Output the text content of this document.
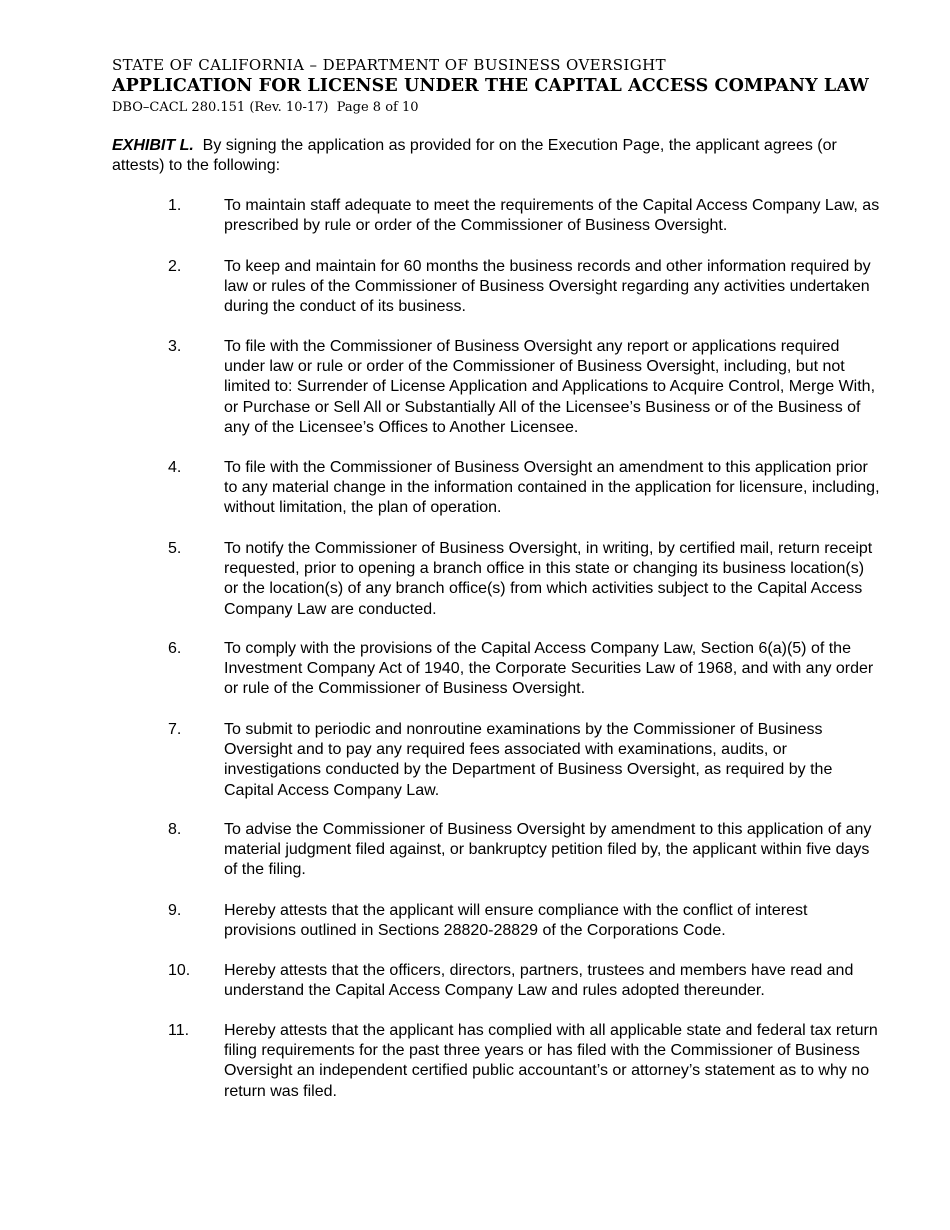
STATE OF CALIFORNIA – DEPARTMENT OF BUSINESS OVERSIGHT
APPLICATION FOR LICENSE UNDER THE CAPITAL ACCESS COMPANY LAW
DBO–CACL 280.151 (Rev. 10-17) Page 8 of 10
EXHIBIT L. By signing the application as provided for on the Execution Page, the applicant agrees (or attests) to the following:
1.	To maintain staff adequate to meet the requirements of the Capital Access Company Law, as prescribed by rule or order of the Commissioner of Business Oversight.
2.	To keep and maintain for 60 months the business records and other information required by law or rules of the Commissioner of Business Oversight regarding any activities undertaken during the conduct of its business.
3.	To file with the Commissioner of Business Oversight any report or applications required under law or rule or order of the Commissioner of Business Oversight, including, but not limited to: Surrender of License Application and Applications to Acquire Control, Merge With, or Purchase or Sell All or Substantially All of the Licensee’s Business or of the Business of any of the Licensee’s Offices to Another Licensee.
4.	To file with the Commissioner of Business Oversight an amendment to this application prior to any material change in the information contained in the application for licensure, including, without limitation, the plan of operation.
5.	To notify the Commissioner of Business Oversight, in writing, by certified mail, return receipt requested, prior to opening a branch office in this state or changing its business location(s) or the location(s) of any branch office(s) from which activities subject to the Capital Access Company Law are conducted.
6.	To comply with the provisions of the Capital Access Company Law, Section 6(a)(5) of the Investment Company Act of 1940, the Corporate Securities Law of 1968, and with any order or rule of the Commissioner of Business Oversight.
7.	To submit to periodic and nonroutine examinations by the Commissioner of Business Oversight and to pay any required fees associated with examinations, audits, or investigations conducted by the Department of Business Oversight, as required by the Capital Access Company Law.
8.	To advise the Commissioner of Business Oversight by amendment to this application of any material judgment filed against, or bankruptcy petition filed by, the applicant within five days of the filing.
9.	Hereby attests that the applicant will ensure compliance with the conflict of interest provisions outlined in Sections 28820-28829 of the Corporations Code.
10. Hereby attests that the officers, directors, partners, trustees and members have read and understand the Capital Access Company Law and rules adopted thereunder.
11. Hereby attests that the applicant has complied with all applicable state and federal tax return filing requirements for the past three years or has filed with the Commissioner of Business Oversight an independent certified public accountant’s or attorney’s statement as to why no return was filed.
